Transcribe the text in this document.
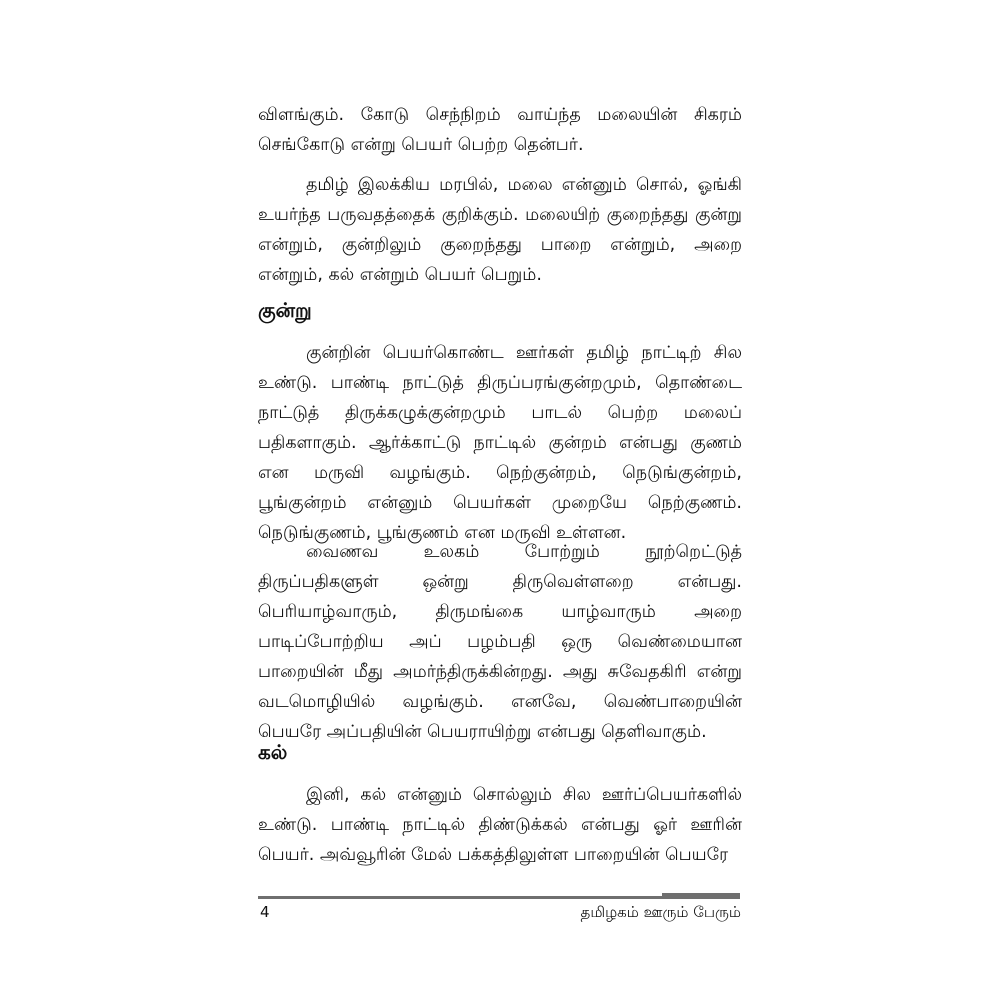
விளங்கும். கோடு செந்நிறம் வாய்ந்த மலையின் சிகரம் செங்கோடு என்று பெயர் பெற்ற தென்பர்.

தமிழ் இலக்கிய மரபில், மலை என்னும் சொல், ஓங்கி உயர்ந்த பருவதத்தைக் குறிக்கும். மலையிற் குறைந்தது குன்று என்றும், குன்றிலும் குறைந்தது பாறை என்றும், அறை என்றும், கல் என்றும் பெயர் பெறும்.

குன்று

குன்றின் பெயர்கொண்ட ஊர்கள் தமிழ் நாட்டிற் சில உண்டு. பாண்டி நாட்டுத் திருப்பரங்குன்றமும், தொண்டை நாட்டுத் திருக்கழுக்குன்றமும் பாடல் பெற்ற மலைப் பதிகளாகும். ஆர்க்காட்டு நாட்டில் குன்றம் என்பது குணம் என மருவி வழங்கும். நெற்குன்றம், நெடுங்குன்றம், பூங்குன்றம் என்னும் பெயர்கள் முறையே நெற்குணம். நெடுங்குணம், பூங்குணம் என மருவி உள்ளன.

வைணவ உலகம் போற்றும் நூற்றெட்டுத் திருப்பதிகளுள் ஒன்று திருவெள்ளறை என்பது. பெரியாழ்வாரும், திருமங்கை யாழ்வாரும் அறை பாடிப்போற்றிய அப் பழம்பதி ஒரு வெண்மையான பாறையின் மீது அமர்ந்திருக்கின்றது. அது சுவேதகிரி என்று வடமொழியில் வழங்கும். எனவே, வெண்பாறையின் பெயரே அப்பதியின் பெயராயிற்று என்பது தெளிவாகும்.

கல்

இனி, கல் என்னும் சொல்லும் சில ஊர்ப்பெயர்களில் உண்டு. பாண்டி நாட்டில் திண்டுக்கல் என்பது ஓர் ஊரின் பெயர். அவ்வூரின் மேல் பக்கத்திலுள்ள பாறையின் பெயரே

4	தமிழகம் ஊரும் பேரும்
